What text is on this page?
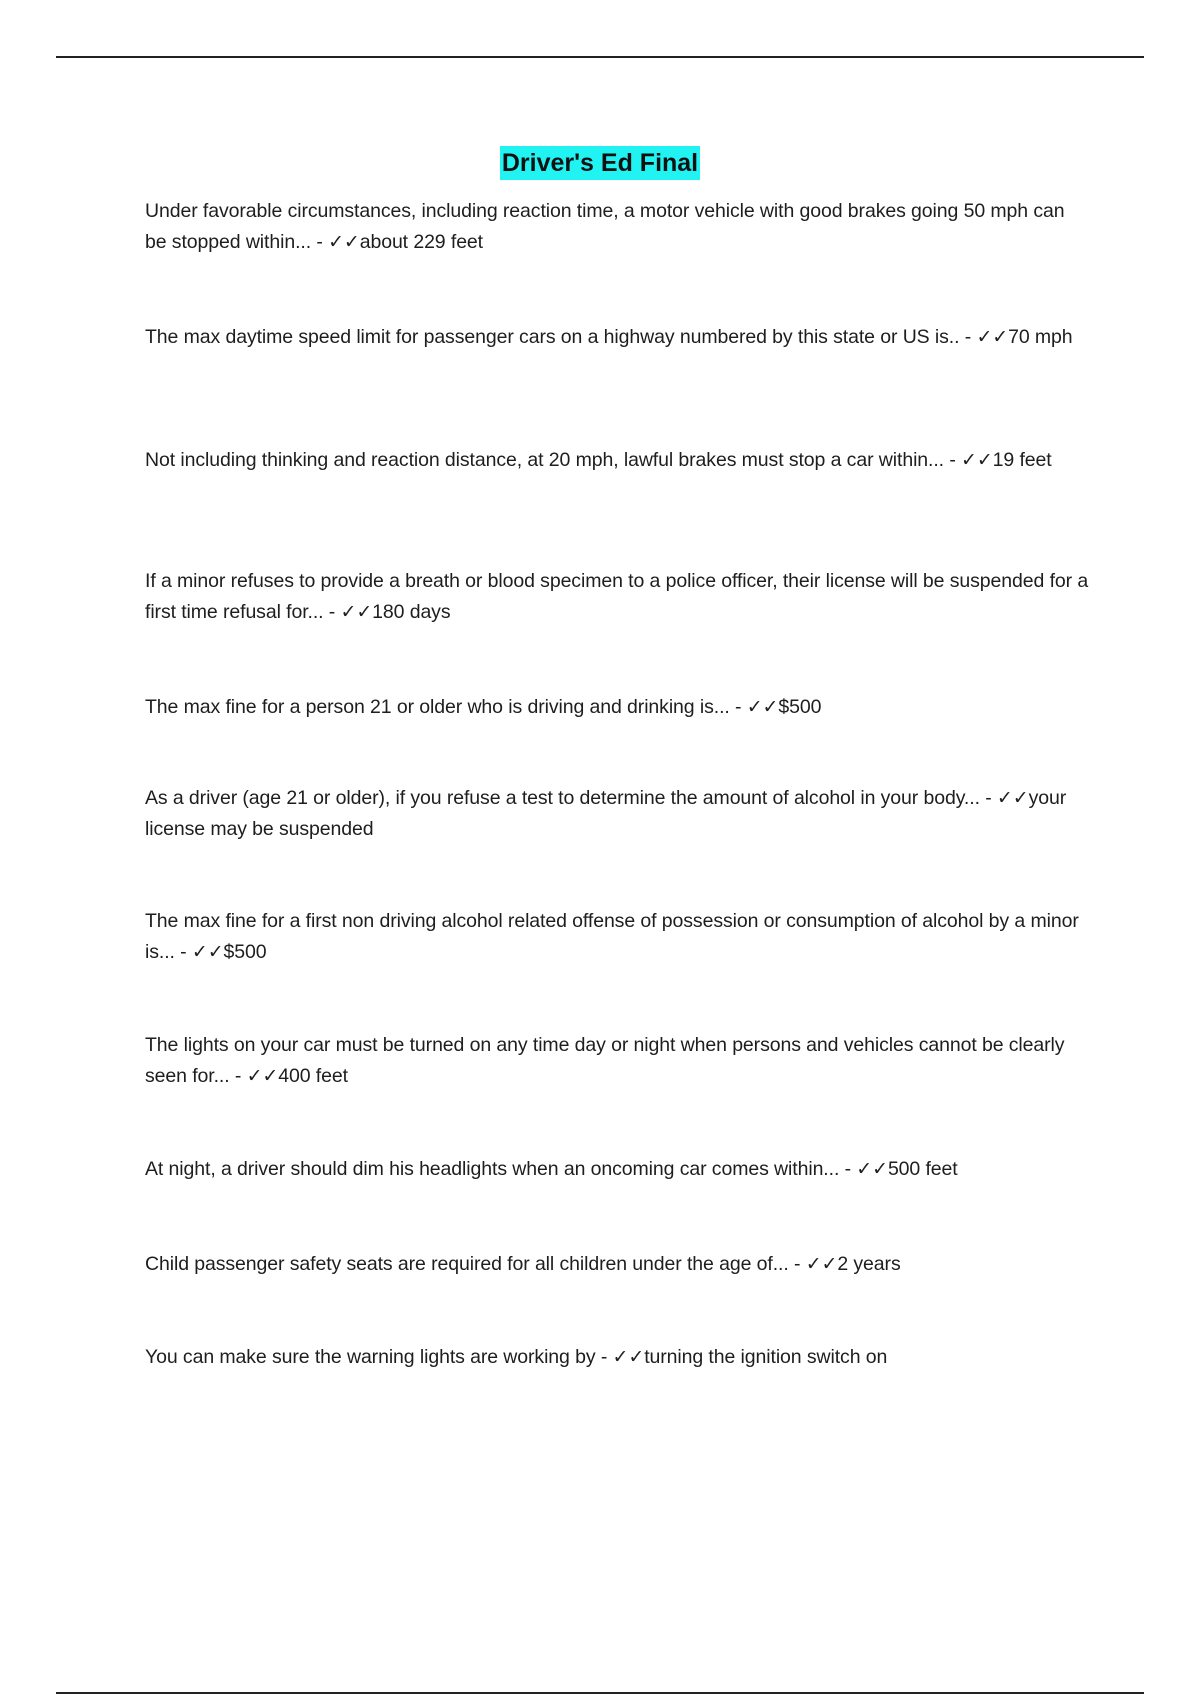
Driver's Ed Final

Under favorable circumstances, including reaction time, a motor vehicle with good brakes going 50 mph can be stopped within... - ✓✓about 229 feet

The max daytime speed limit for passenger cars on a highway numbered by this state or US is.. - ✓✓70 mph

Not including thinking and reaction distance, at 20 mph, lawful brakes must stop a car within... - ✓✓19 feet

If a minor refuses to provide a breath or blood specimen to a police officer, their license will be suspended for a first time refusal for... - ✓✓180 days

The max fine for a person 21 or older who is driving and drinking is... - ✓✓$500

As a driver (age 21 or older), if you refuse a test to determine the amount of alcohol in your body... - ✓✓your license may be suspended

The max fine for a first non driving alcohol related offense of possession or consumption of alcohol by a minor is... - ✓✓$500

The lights on your car must be turned on any time day or night when persons and vehicles cannot be clearly seen for... - ✓✓400 feet

At night, a driver should dim his headlights when an oncoming car comes within... - ✓✓500 feet

Child passenger safety seats are required for all children under the age of... - ✓✓2 years

You can make sure the warning lights are working by - ✓✓turning the ignition switch on
